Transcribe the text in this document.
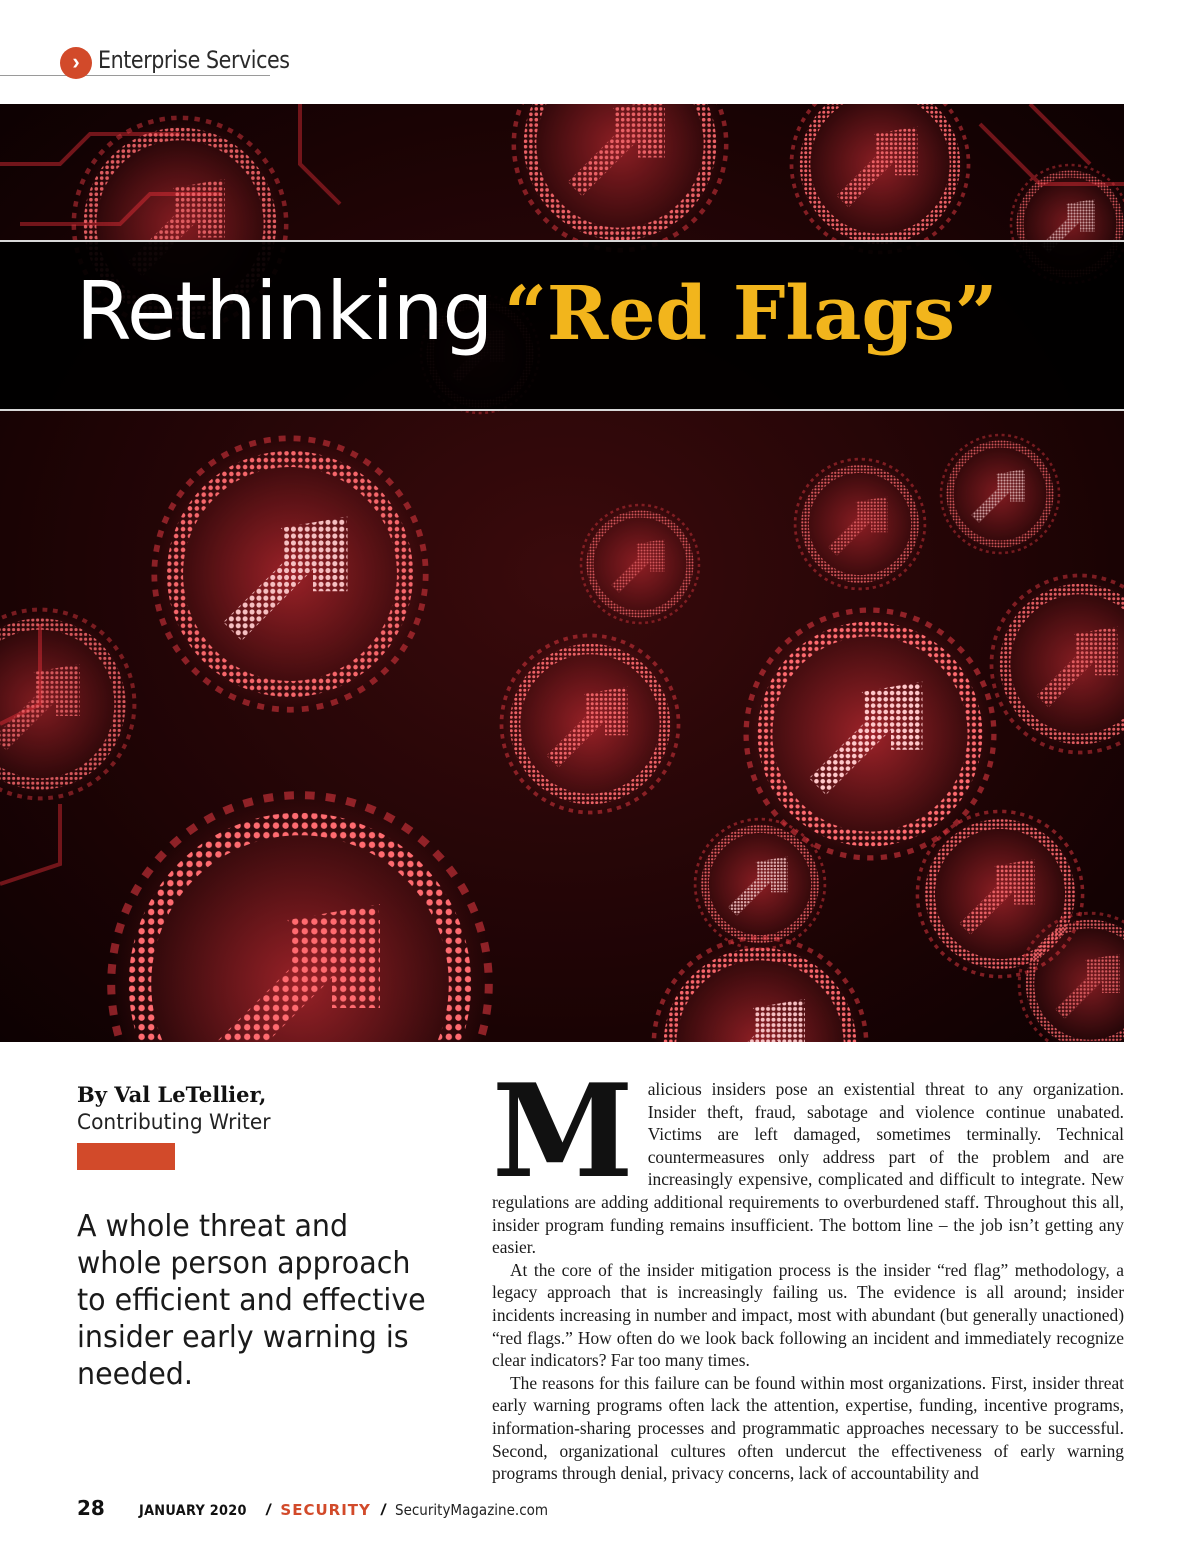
› Enterprise Services
Rethinking “Red Flags”
By Val LeTellier,
Contributing Writer
A whole threat and whole person approach to efficient and effective insider early warning is needed.

Malicious insiders pose an existential threat to any organization. Insider theft, fraud, sabotage and violence continue unabated. Victims are left damaged, sometimes terminally. Technical countermeasures only address part of the problem and are increasingly expensive, complicated and difficult to integrate. New regulations are adding additional requirements to overburdened staff. Throughout this all, insider program funding remains insufficient. The bottom line – the job isn’t getting any easier.

At the core of the insider mitigation process is the insider “red flag” methodology, a legacy approach that is increasingly failing us. The evidence is all around; insider incidents increasing in number and impact, most with abundant (but generally unactioned) “red flags.” How often do we look back following an incident and immediately recognize clear indicators? Far too many times.

The reasons for this failure can be found within most organizations. First, insider threat early warning programs often lack the attention, expertise, funding, incentive programs, information-sharing processes and programmatic approaches necessary to be successful. Second, organizational cultures often undercut the effectiveness of early warning programs through denial, privacy concerns, lack of accountability and

28 JANUARY 2020 / SECURITY / SecurityMagazine.com
